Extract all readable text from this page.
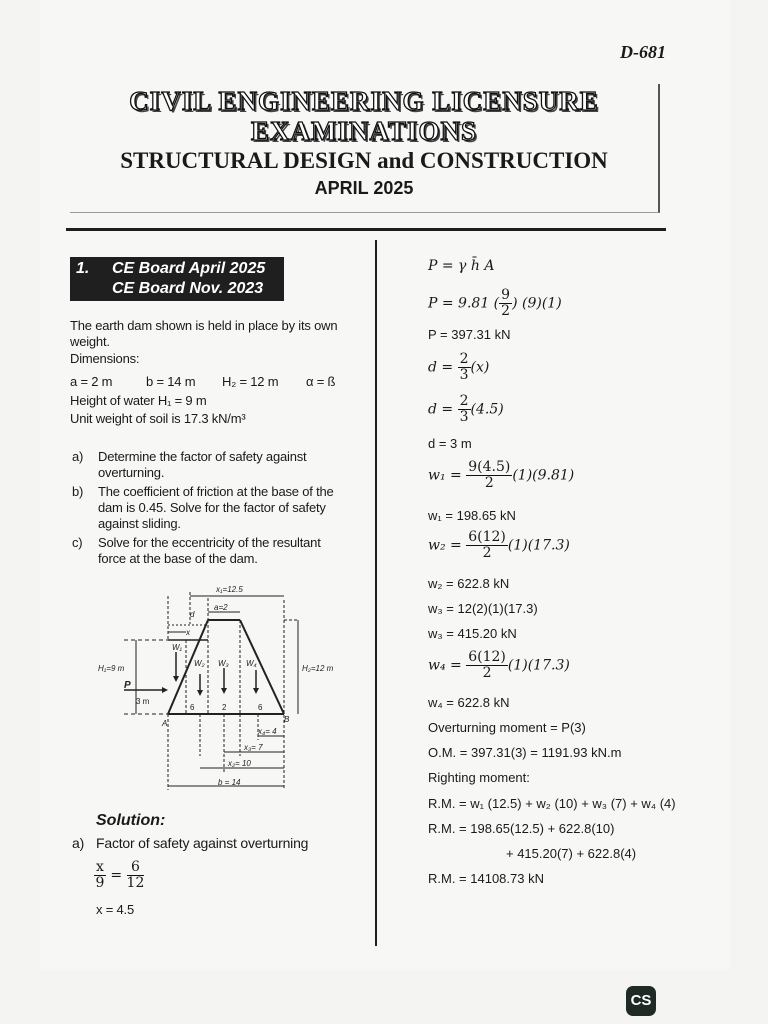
D-681
CIVIL ENGINEERING LICENSURE
EXAMINATIONS
STRUCTURAL DESIGN and CONSTRUCTION
APRIL 2025
1. CE Board April 2025
CE Board Nov. 2023
The earth dam shown is held in place by its own
weight.
Dimensions:
a = 2 m	b = 14 m H₂ = 12 m α = ß
Height of water H₁ = 9 m
Unit weight of soil is 17.3 kN/m³
a) Determine the factor of safety against
overturning.
b) The coefficient of friction at the base of the
dam is 0.45. Solve for the factor of safety
against sliding.
c) Solve for the eccentricity of the resultant
force at the base of the dam.
x₁=12.5
d
a=2
x
W₁
W₂ W₃ W₄
H₁=9 m	H₂=12 m
P
3 m
6	2	6
A	B
x₄= 4
x₃= 7
x₂= 10
b = 14
Solution:
a) Factor of safety against overturning
$\frac{x}{9} = \frac{6}{12}$
x = 4.5
P = γ h̄ A
P = 9.81 ( $\frac{9}{2}$ ) (9)(1)
P = 397.31 kN
$d = \frac{2}{3} (x)$
$d = \frac{2}{3} (4.5)$
d = 3 m
$w_1 = \frac{9(4.5)}{2} (1)(9.81)$
w₁ = 198.65 kN
$w_2 = \frac{6(12)}{2} (1)(17.3)$
w₂ = 622.8 kN
w₃ = 12(2)(1)(17.3)
w₃ = 415.20 kN
$w_4 = \frac{6(12)}{2} (1)(17.3)$
w₄ = 622.8 kN
Overturning moment = P(3)
O.M. = 397.31(3) = 1191.93 kN.m
Righting moment:
R.M. = w₁ (12.5) + w₂ (10) + w₃ (7) + w₄ (4)
R.M. = 198.65(12.5) + 622.8(10)
+ 415.20(7) + 622.8(4)
R.M. = 14108.73 kN
CS
